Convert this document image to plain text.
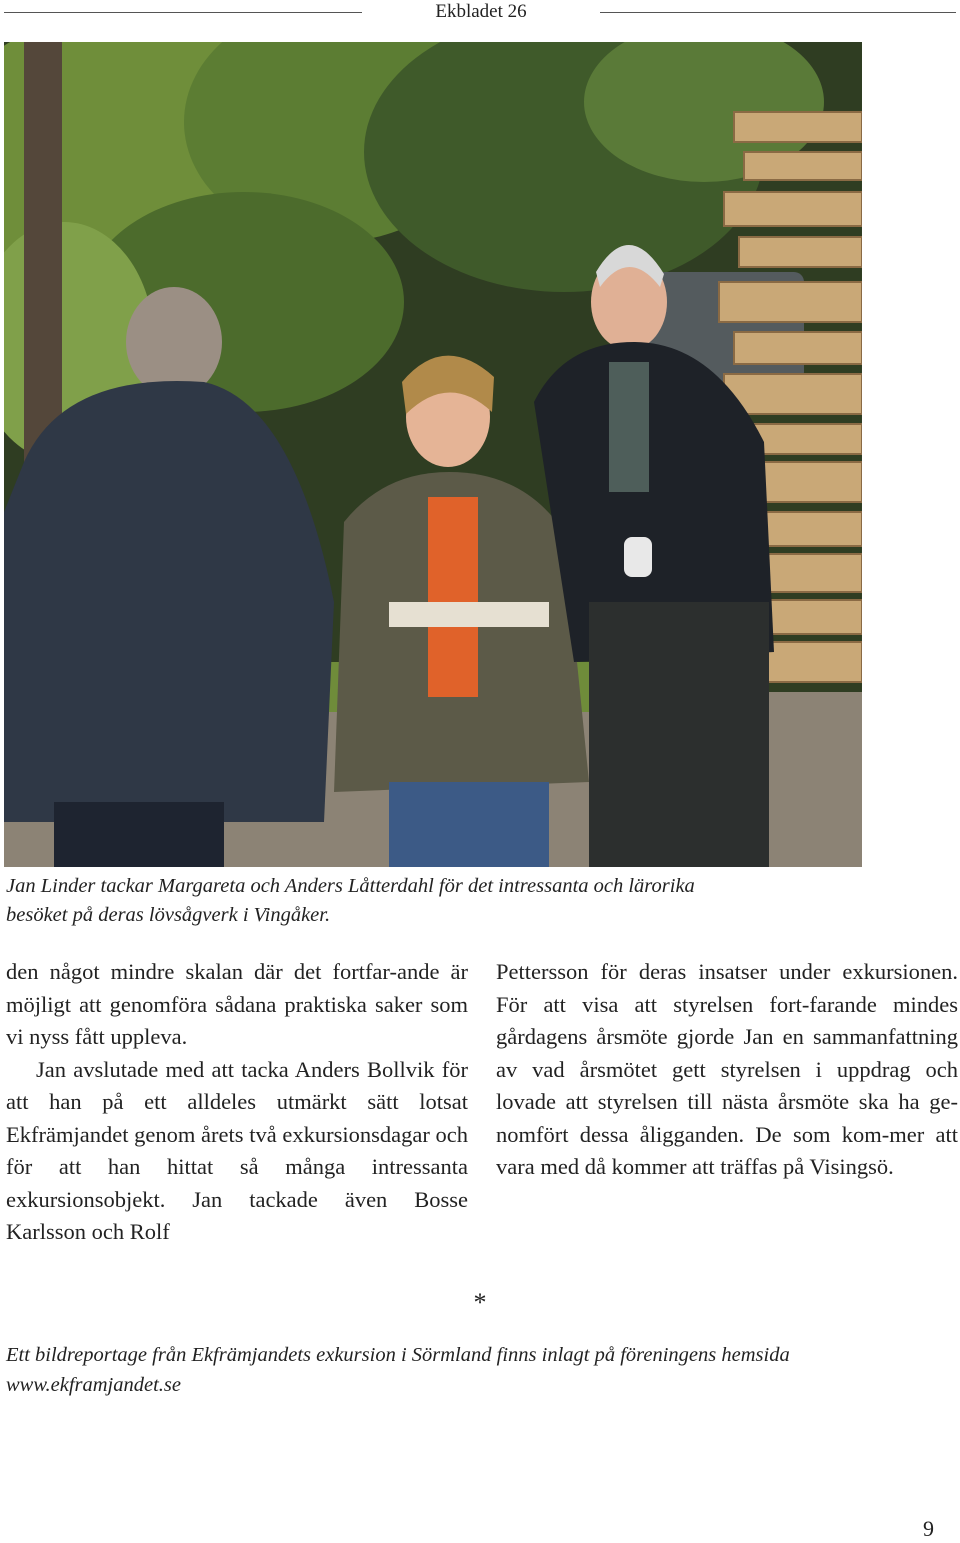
Ekbladet 26
Jan Linder tackar Margareta och Anders Låtterdahl för det intressanta och lärorika
besöket på deras lövsågverk i Vingåker.

den något mindre skalan där det fortfar-ande är möjligt att genomföra sådana praktiska saker som vi nyss fått uppleva.

Jan avslutade med att tacka Anders Bollvik för att han på ett alldeles utmärkt sätt lotsat Ekfrämjandet genom årets två exkursionsdagar och för att han hittat så många intressanta exkursionsobjekt. Jan tackade även Bosse Karlsson och Rolf

Pettersson för deras insatser under exkursionen. För att visa att styrelsen fort-farande mindes gårdagens årsmöte gjorde Jan en sammanfattning av vad årsmötet gett styrelsen i uppdrag och lovade att styrelsen till nästa årsmöte ska ha ge-nomfört dessa åligganden. De som kom-mer att vara med då kommer att träffas på Visingsö.

*
Ett bildreportage från Ekfrämjandets exkursion i Sörmland finns inlagt på föreningens hemsida
www.ekframjandet.se
9
